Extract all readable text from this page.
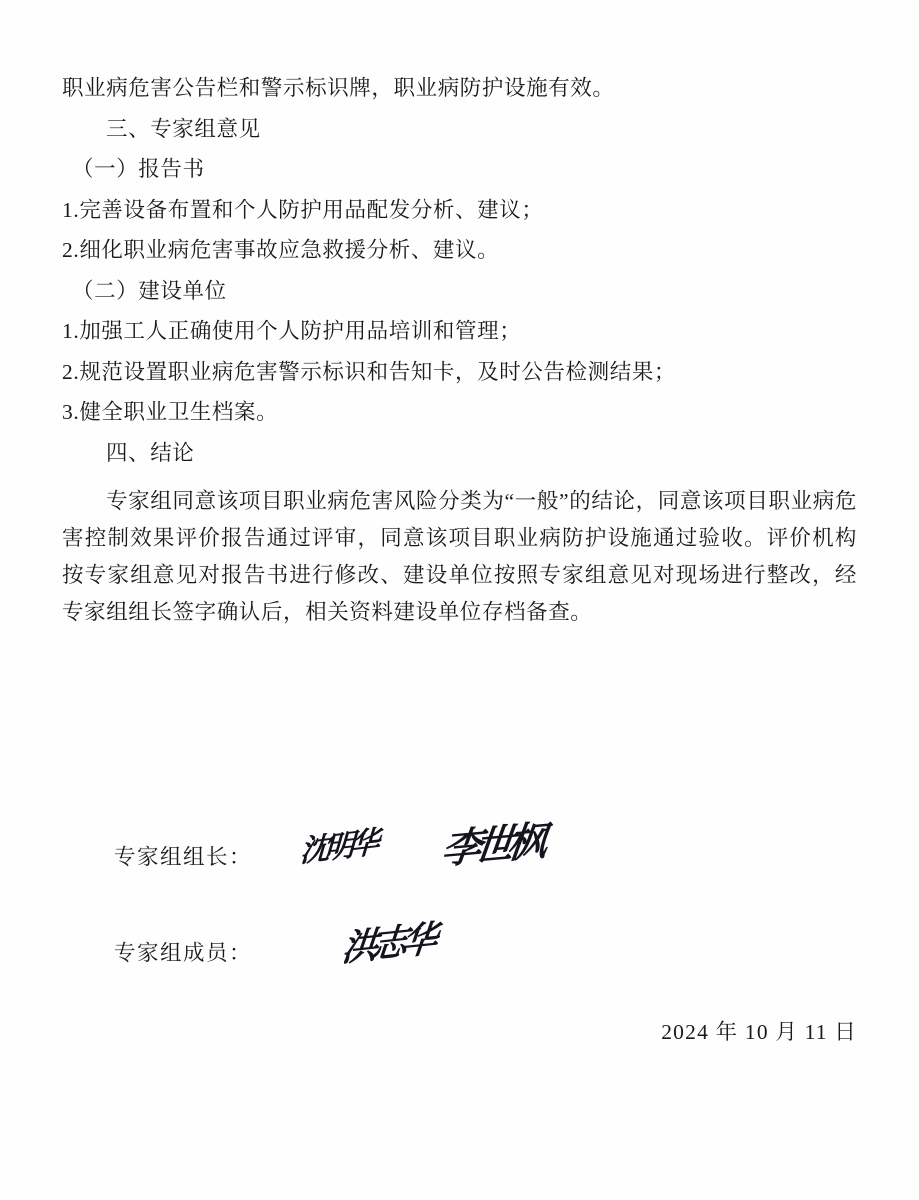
职业病危害公告栏和警示标识牌，职业病防护设施有效。

三、专家组意见

（一）报告书

1.完善设备布置和个人防护用品配发分析、建议；

2.细化职业病危害事故应急救援分析、建议。

（二）建设单位

1.加强工人正确使用个人防护用品培训和管理；

2.规范设置职业病危害警示标识和告知卡，及时公告检测结果；

3.健全职业卫生档案。

四、结论

专家组同意该项目职业病危害风险分类为“一般”的结论，同意该项目职业病危害控制效果评价报告通过评审，同意该项目职业病防护设施通过验收。评价机构按专家组意见对报告书进行修改、建设单位按照专家组意见对现场进行整改，经专家组组长签字确认后，相关资料建设单位存档备查。

专家组组长： 沈明华 李世枫
专家组成员： 洪志华
2024 年 10 月 11 日
